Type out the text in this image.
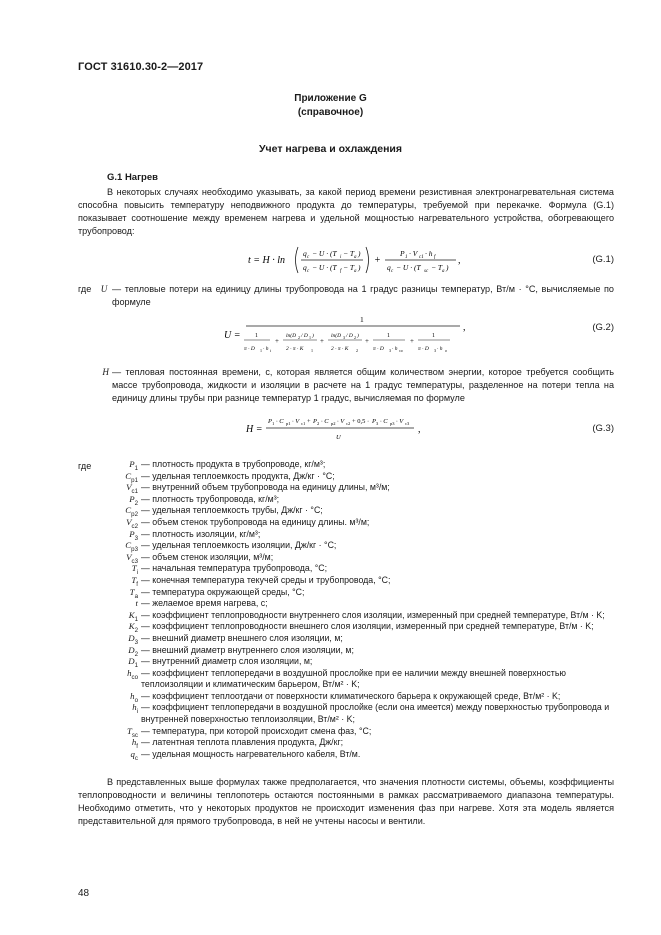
ГОСТ 31610.30-2—2017
Приложение G
(справочное)
Учет нагрева и охлаждения
G.1 Нагрев

В некоторых случаях необходимо указывать, за какой период времени резистивная электронагревательная система способна повысить температуру неподвижного продукта до температуры, требуемой при перекачке. Формула (G.1) показывает соотношение между временем нагрева и удельной мощностью нагревательного устройства, обогревающего трубопровод:

t = H · ln
q c − U · (T i − T a )
q c − U · (T f − T a )
+
P 1 · V c1 · h f
q c − U · (T sc − T a )
,	(G.1)
где	U — тепловые потери на единицу длины трубопровода на 1 градус разницы температур, Вт/м · °С, вычисляемые по формуле
U =
1
1
π · D 1 · h i
+
ln(D 2 / D 1 )
2 · π · K 1
+
ln(D 3 / D 2 )
2 · π · K 2
+
1
π · D 3 · h co
+
1
π · D 3 · h o
,	(G.2)
H — тепловая постоянная времени, с, которая является общим количеством энергии, которое требуется сообщить массе трубопровода, жидкости и изоляции в расчете на 1 градус температуры, разделенное на потери тепла на единицу длины трубы при разнице температур 1 градус, вычисляемая по формуле
H =
P 1 · C p1 · V c1 + P 2 · C p2 · V c2 + 0,5 · P 3 · C p3 · V c3
U
,	(G.3)
где	$P_1$ — плотность продукта в трубопроводе, кг/м³;
$C_{p1}$ — удельная теплоемкость продукта, Дж/кг · °С;
$V_{c1}$ — внутренний объем трубопровода на единицу длины, м³/м;
$P_2$ — плотность трубопровода, кг/м³;
$C_{p2}$ — удельная теплоемкость трубы, Дж/кг · °С;
$V_{c2}$ — объем стенок трубопровода на единицу длины. м³/м;
$P_3$ — плотность изоляции, кг/м³;
$C_{p3}$ — удельная теплоемкость изоляции, Дж/кг · °С;
$V_{c3}$ — объем стенок изоляции, м³/м;
$T_i$ — начальная температура трубопровода, °С;
$T_f$ — конечная температура текучей среды и трубопровода, °С;
$T_a$ — температура окружающей среды, °С;
t — желаемое время нагрева, с;
$K_1$ — коэффициент теплопроводности внутреннего слоя изоляции, измеренный при средней температуре, Вт/м · K;
$K_2$ — коэффициент теплопроводности внешнего слоя изоляции, измеренный при средней температуре, Вт/м · K;
$D_3$ — внешний диаметр внешнего слоя изоляции, м;
$D_2$ — внешний диаметр внутреннего слоя изоляции, м;
$D_1$ — внутренний диаметр слоя изоляции, м;
$h_{co}$ — коэффициент теплопередачи в воздушной прослойке при ее наличии между внешней поверхностью теплоизоляции и климатическим барьером, Вт/м² · K;
$h_o$ — коэффициент теплоотдачи от поверхности климатического барьера к окружающей среде, Вт/м² · K;
$h_i$ — коэффициент теплопередачи в воздушной прослойке (если она имеется) между поверхностью трубопровода и внутренней поверхностью теплоизоляции, Вт/м² · K;
$T_{sc}$ — температура, при которой происходит смена фаз, °С;
$h_f$ — латентная теплота плавления продукта, Дж/кг;
$q_c$ — удельная мощность нагревательного кабеля, Вт/м.

В представленных выше формулах также предполагается, что значения плотности системы, объемы, коэффициенты теплопроводности и величины теплопотерь остаются постоянными в рамках рассматриваемого диапазона температуры. Необходимо отметить, что у некоторых продуктов не происходит изменения фаз при нагреве. Хотя эта модель является представительной для прямого трубопровода, в ней не учтены насосы и вентили.

48
